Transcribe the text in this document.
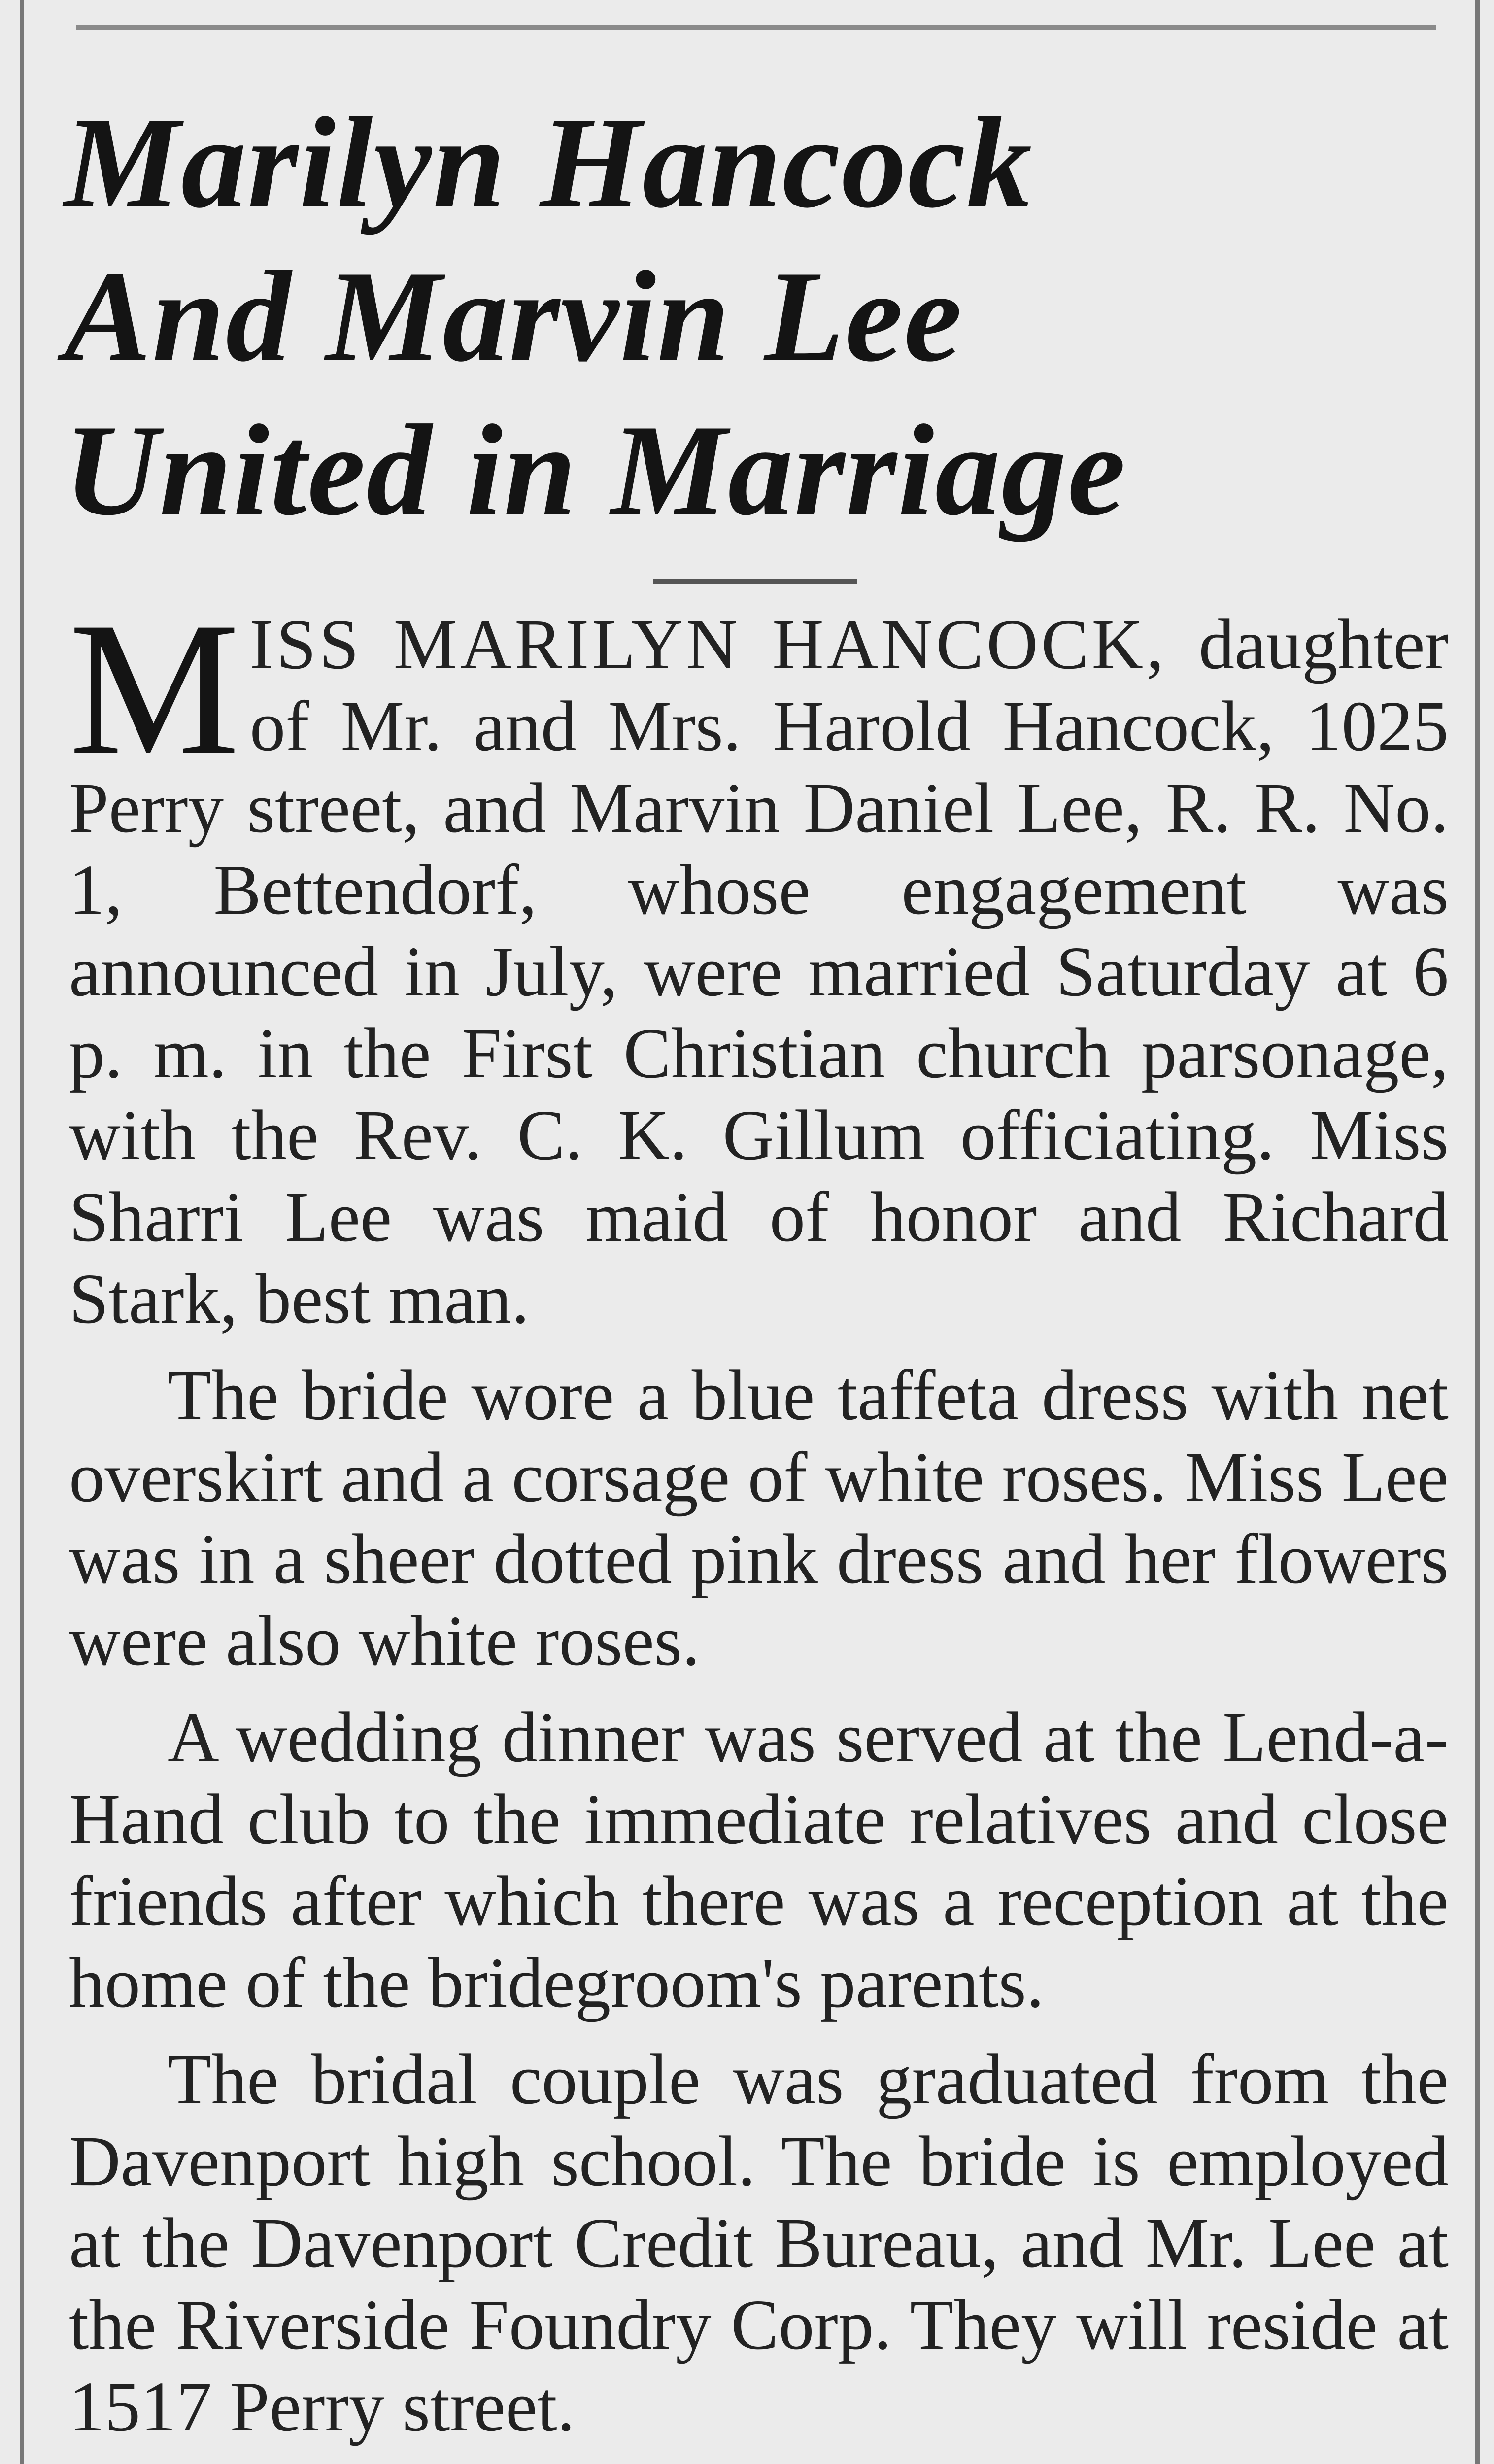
Marilyn Hancock
And Marvin Lee
United in Marriage

M ISS MARILYN HANCOCK, daughter of Mr. and Mrs. Harold Hancock, 1025 Perry street, and Marvin Daniel Lee, R. R. No. 1, Bettendorf, whose engagement was announced in July, were married Saturday at 6 p. m. in the First Christian church parsonage, with the Rev. C. K. Gillum officiating. Miss Sharri Lee was maid of honor and Richard Stark, best man.

The bride wore a blue taffeta dress with net overskirt and a corsage of white roses. Miss Lee was in a sheer dotted pink dress and her flowers were also white roses.

A wedding dinner was served at the Lend-a-Hand club to the immediate relatives and close friends after which there was a reception at the home of the bridegroom's parents.

The bridal couple was graduated from the Davenport high school. The bride is employed at the Davenport Credit Bureau, and Mr. Lee at the Riverside Foundry Corp. They will reside at 1517 Perry street.
